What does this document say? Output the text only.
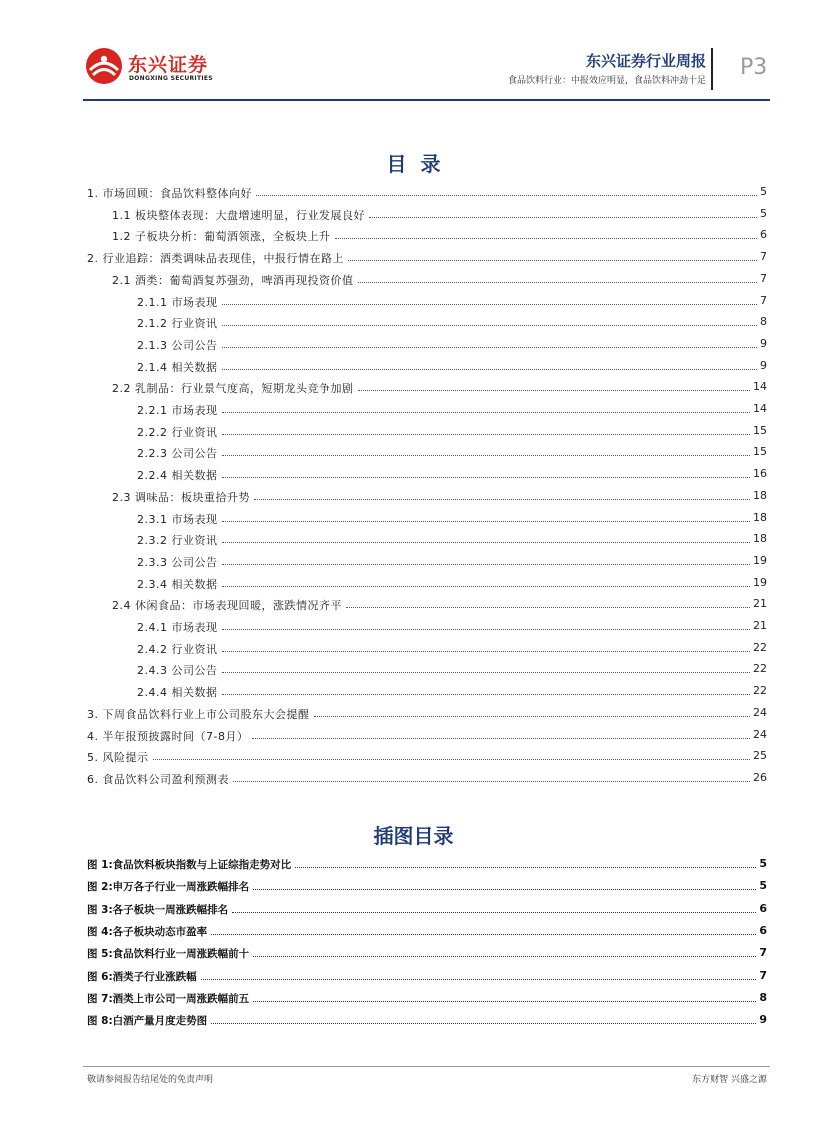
东兴证券
DONGXING SECURITIES
东兴证券行业周报
食品饮料行业：中报效应明显，食品饮料冲劲十足
P3
目录
1. 市场回顾：食品饮料整体向好	5
1.1 板块整体表现：大盘增速明显，行业发展良好	5
1.2 子板块分析：葡萄酒领涨，全板块上升	6
2. 行业追踪：酒类调味品表现佳，中报行情在路上	7
2.1 酒类：葡萄酒复苏强劲，啤酒再现投资价值	7
2.1.1 市场表现	7
2.1.2 行业资讯	8
2.1.3 公司公告	9
2.1.4 相关数据	9
2.2 乳制品：行业景气度高，短期龙头竞争加剧	14
2.2.1 市场表现	14
2.2.2 行业资讯	15
2.2.3 公司公告	15
2.2.4 相关数据	16
2.3 调味品：板块重拾升势	18
2.3.1 市场表现	18
2.3.2 行业资讯	18
2.3.3 公司公告	19
2.3.4 相关数据	19
2.4 休闲食品：市场表现回暖，涨跌情况齐平	21
2.4.1 市场表现	21
2.4.2 行业资讯	22
2.4.3 公司公告	22
2.4.4 相关数据	22
3. 下周食品饮料行业上市公司股东大会提醒	24
4. 半年报预披露时间（7-8月）	24
5. 风险提示	25
6. 食品饮料公司盈利预测表	26
插图目录
图 1:食品饮料板块指数与上证综指走势对比	5
图 2:申万各子行业一周涨跌幅排名	5
图 3:各子板块一周涨跌幅排名	6
图 4:各子板块动态市盈率	6
图 5:食品饮料行业一周涨跌幅前十	7
图 6:酒类子行业涨跌幅	7
图 7:酒类上市公司一周涨跌幅前五	8
图 8:白酒产量月度走势图	9
敬请参阅报告结尾处的免责声明	东方财智 兴盛之源
